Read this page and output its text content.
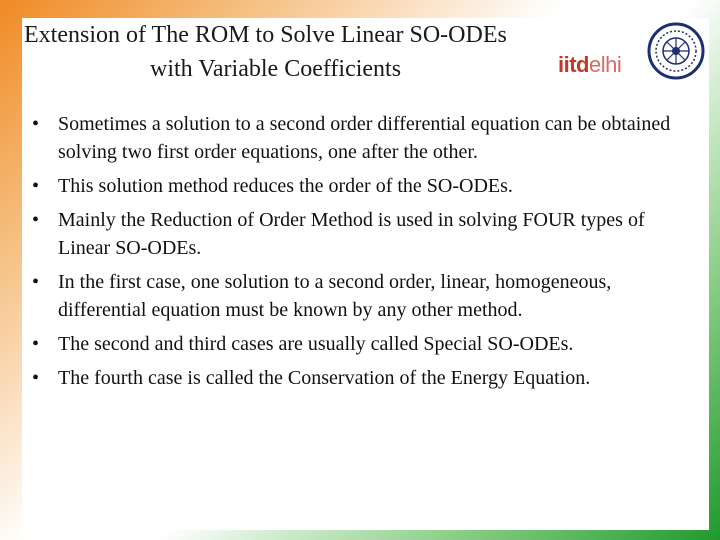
Extension of The ROM to Solve Linear SO-ODEs
with Variable Coefficients	iitdelhi
• Sometimes a solution to a second order differential equation can be obtained solving two first order equations, one after the other.
• This solution method reduces the order of the SO-ODEs.
• Mainly the Reduction of Order Method is used in solving FOUR types of Linear SO-ODEs.
• In the first case, one solution to a second order, linear, homogeneous, differential equation must be known by any other method.
• The second and third cases are usually called Special SO-ODEs.
• The fourth case is called the Conservation of the Energy Equation.
